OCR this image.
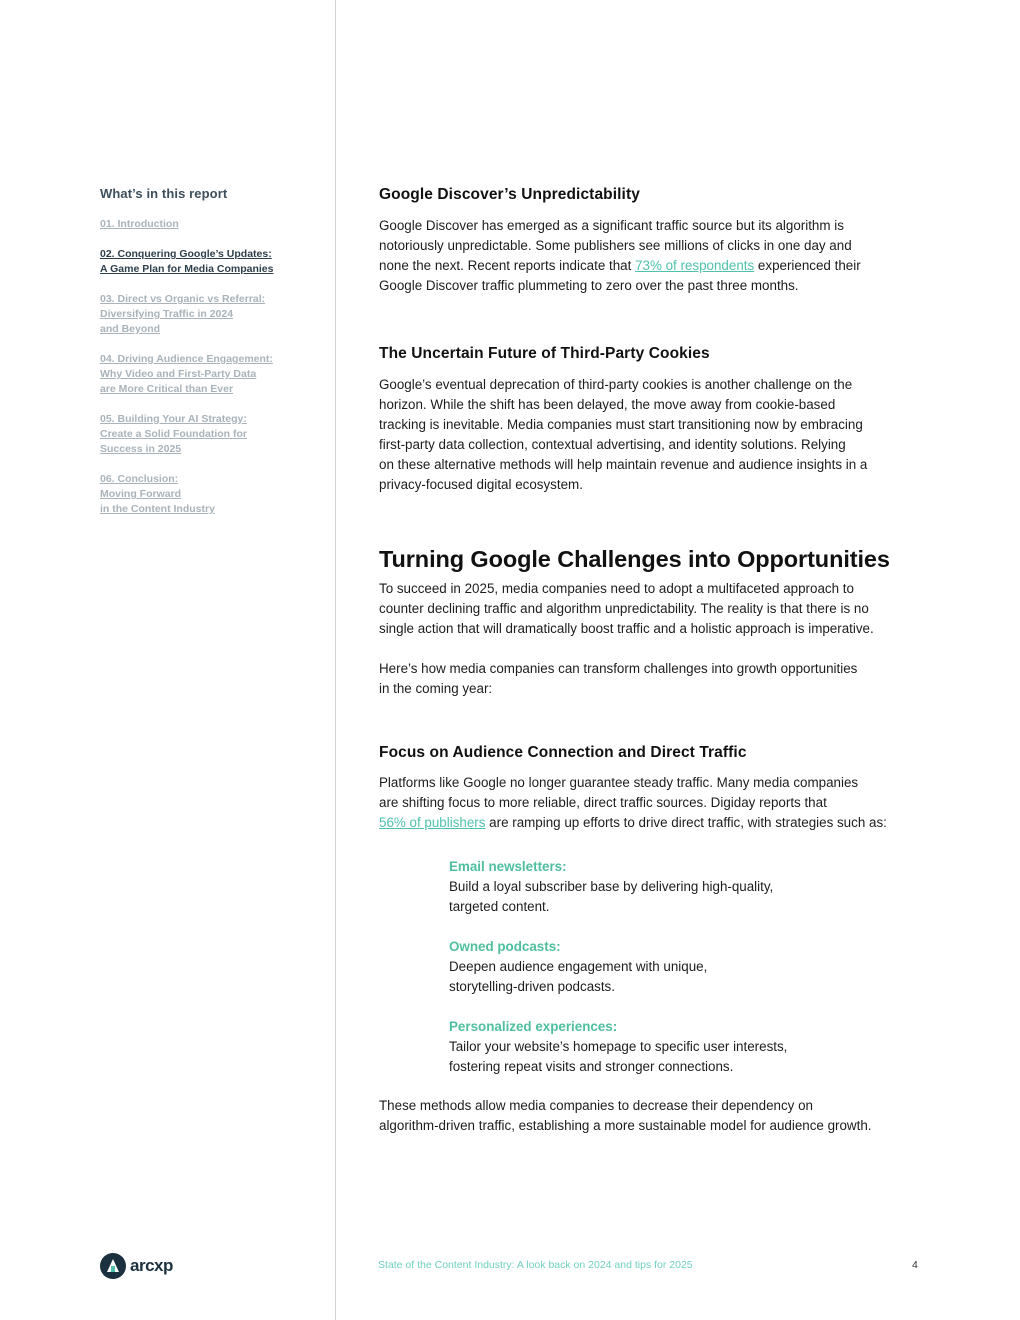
What’s in this report
01. Introduction
02. Conquering Google’s Updates:
A Game Plan for Media Companies
03. Direct vs Organic vs Referral:
Diversifying Traffic in 2024
and Beyond
04. Driving Audience Engagement:
Why Video and First-Party Data
are More Critical than Ever
05. Building Your AI Strategy:
Create a Solid Foundation for
Success in 2025
06. Conclusion:
Moving Forward
in the Content Industry
Google Discover’s Unpredictability
Google Discover has emerged as a significant traffic source but its algorithm is
notoriously unpredictable. Some publishers see millions of clicks in one day and
none the next. Recent reports indicate that 73% of respondents experienced their
Google Discover traffic plummeting to zero over the past three months.
The Uncertain Future of Third-Party Cookies
Google’s eventual deprecation of third-party cookies is another challenge on the
horizon. While the shift has been delayed, the move away from cookie-based
tracking is inevitable. Media companies must start transitioning now by embracing
first-party data collection, contextual advertising, and identity solutions. Relying
on these alternative methods will help maintain revenue and audience insights in a
privacy-focused digital ecosystem.
Turning Google Challenges into Opportunities
To succeed in 2025, media companies need to adopt a multifaceted approach to
counter declining traffic and algorithm unpredictability. The reality is that there is no
single action that will dramatically boost traffic and a holistic approach is imperative.
Here’s how media companies can transform challenges into growth opportunities
in the coming year:
Focus on Audience Connection and Direct Traffic
Platforms like Google no longer guarantee steady traffic. Many media companies
are shifting focus to more reliable, direct traffic sources. Digiday reports that
56% of publishers are ramping up efforts to drive direct traffic, with strategies such as:
Email newsletters:
Build a loyal subscriber base by delivering high-quality,
targeted content.
Owned podcasts:
Deepen audience engagement with unique,
storytelling-driven podcasts.
Personalized experiences:
Tailor your website’s homepage to specific user interests,
fostering repeat visits and stronger connections.
These methods allow media companies to decrease their dependency on
algorithm-driven traffic, establishing a more sustainable model for audience growth.
arcxp	State of the Content Industry: A look back on 2024 and tips for 2025	4
